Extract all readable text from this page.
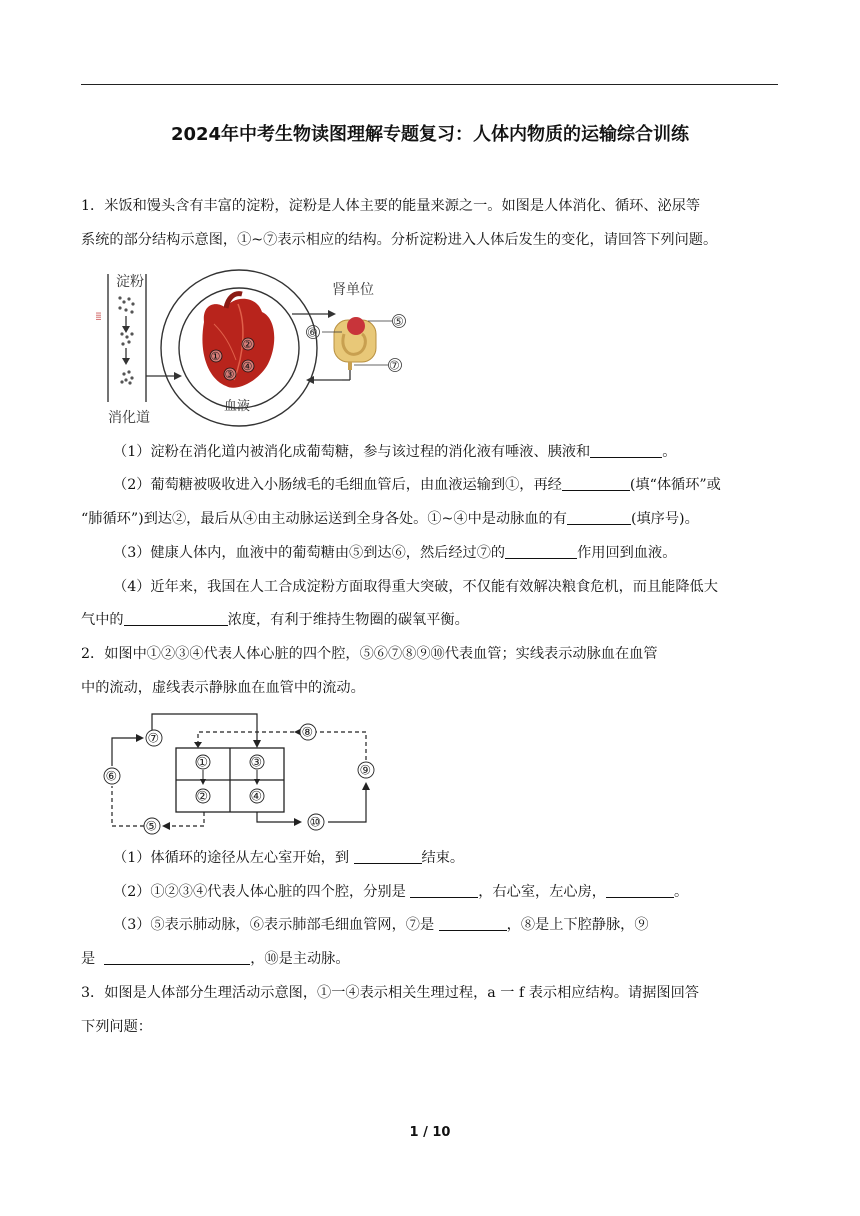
2024年中考生物读图理解专题复习：人体内物质的运输综合训练
1．米饭和馒头含有丰富的淀粉，淀粉是人体主要的能量来源之一。如图是人体消化、循环、泌尿等
系统的部分结构示意图，①~⑦表示相应的结构。分析淀粉进入人体后发生的变化，请回答下列问题。
淀粉
IIII
消化道
血液
①
②
③
④
肾单位
⑤
⑥
⑦
（1）淀粉在消化道内被消化成葡萄糖，参与该过程的消化液有唾液、胰液和	。
（2）葡萄糖被吸收进入小肠绒毛的毛细血管后，由血液运输到①，再经	(填“体循环”或
“肺循环”)到达②，最后从④由主动脉运送到全身各处。①~④中是动脉血的有	(填序号)。
（3）健康人体内，血液中的葡萄糖由⑤到达⑥，然后经过⑦的	作用回到血液。
（4）近年来，我国在人工合成淀粉方面取得重大突破，不仅能有效解决粮食危机，而且能降低大
气中的	浓度，有利于维持生物圈的碳氧平衡。
2．如图中①②③④代表人体心脏的四个腔，⑤⑥⑦⑧⑨⑩代表血管；实线表示动脉血在血管
中的流动，虚线表示静脉血在血管中的流动。
①	③
②	④
⑦	⑧
⑥	⑨
⑤	⑩
（1）体循环的途径从左心室开始，到	结束。
（2）①②③④代表人体心脏的四个腔，分别是	，右心室，左心房，	。
（3）⑤表示肺动脉，⑥表示肺部毛细血管网，⑦是	，⑧是上下腔静脉，⑨
是	，⑩是主动脉。
3．如图是人体部分生理活动示意图，①一④表示相关生理过程，a 一 f 表示相应结构。请据图回答
下列问题：
1 / 10
